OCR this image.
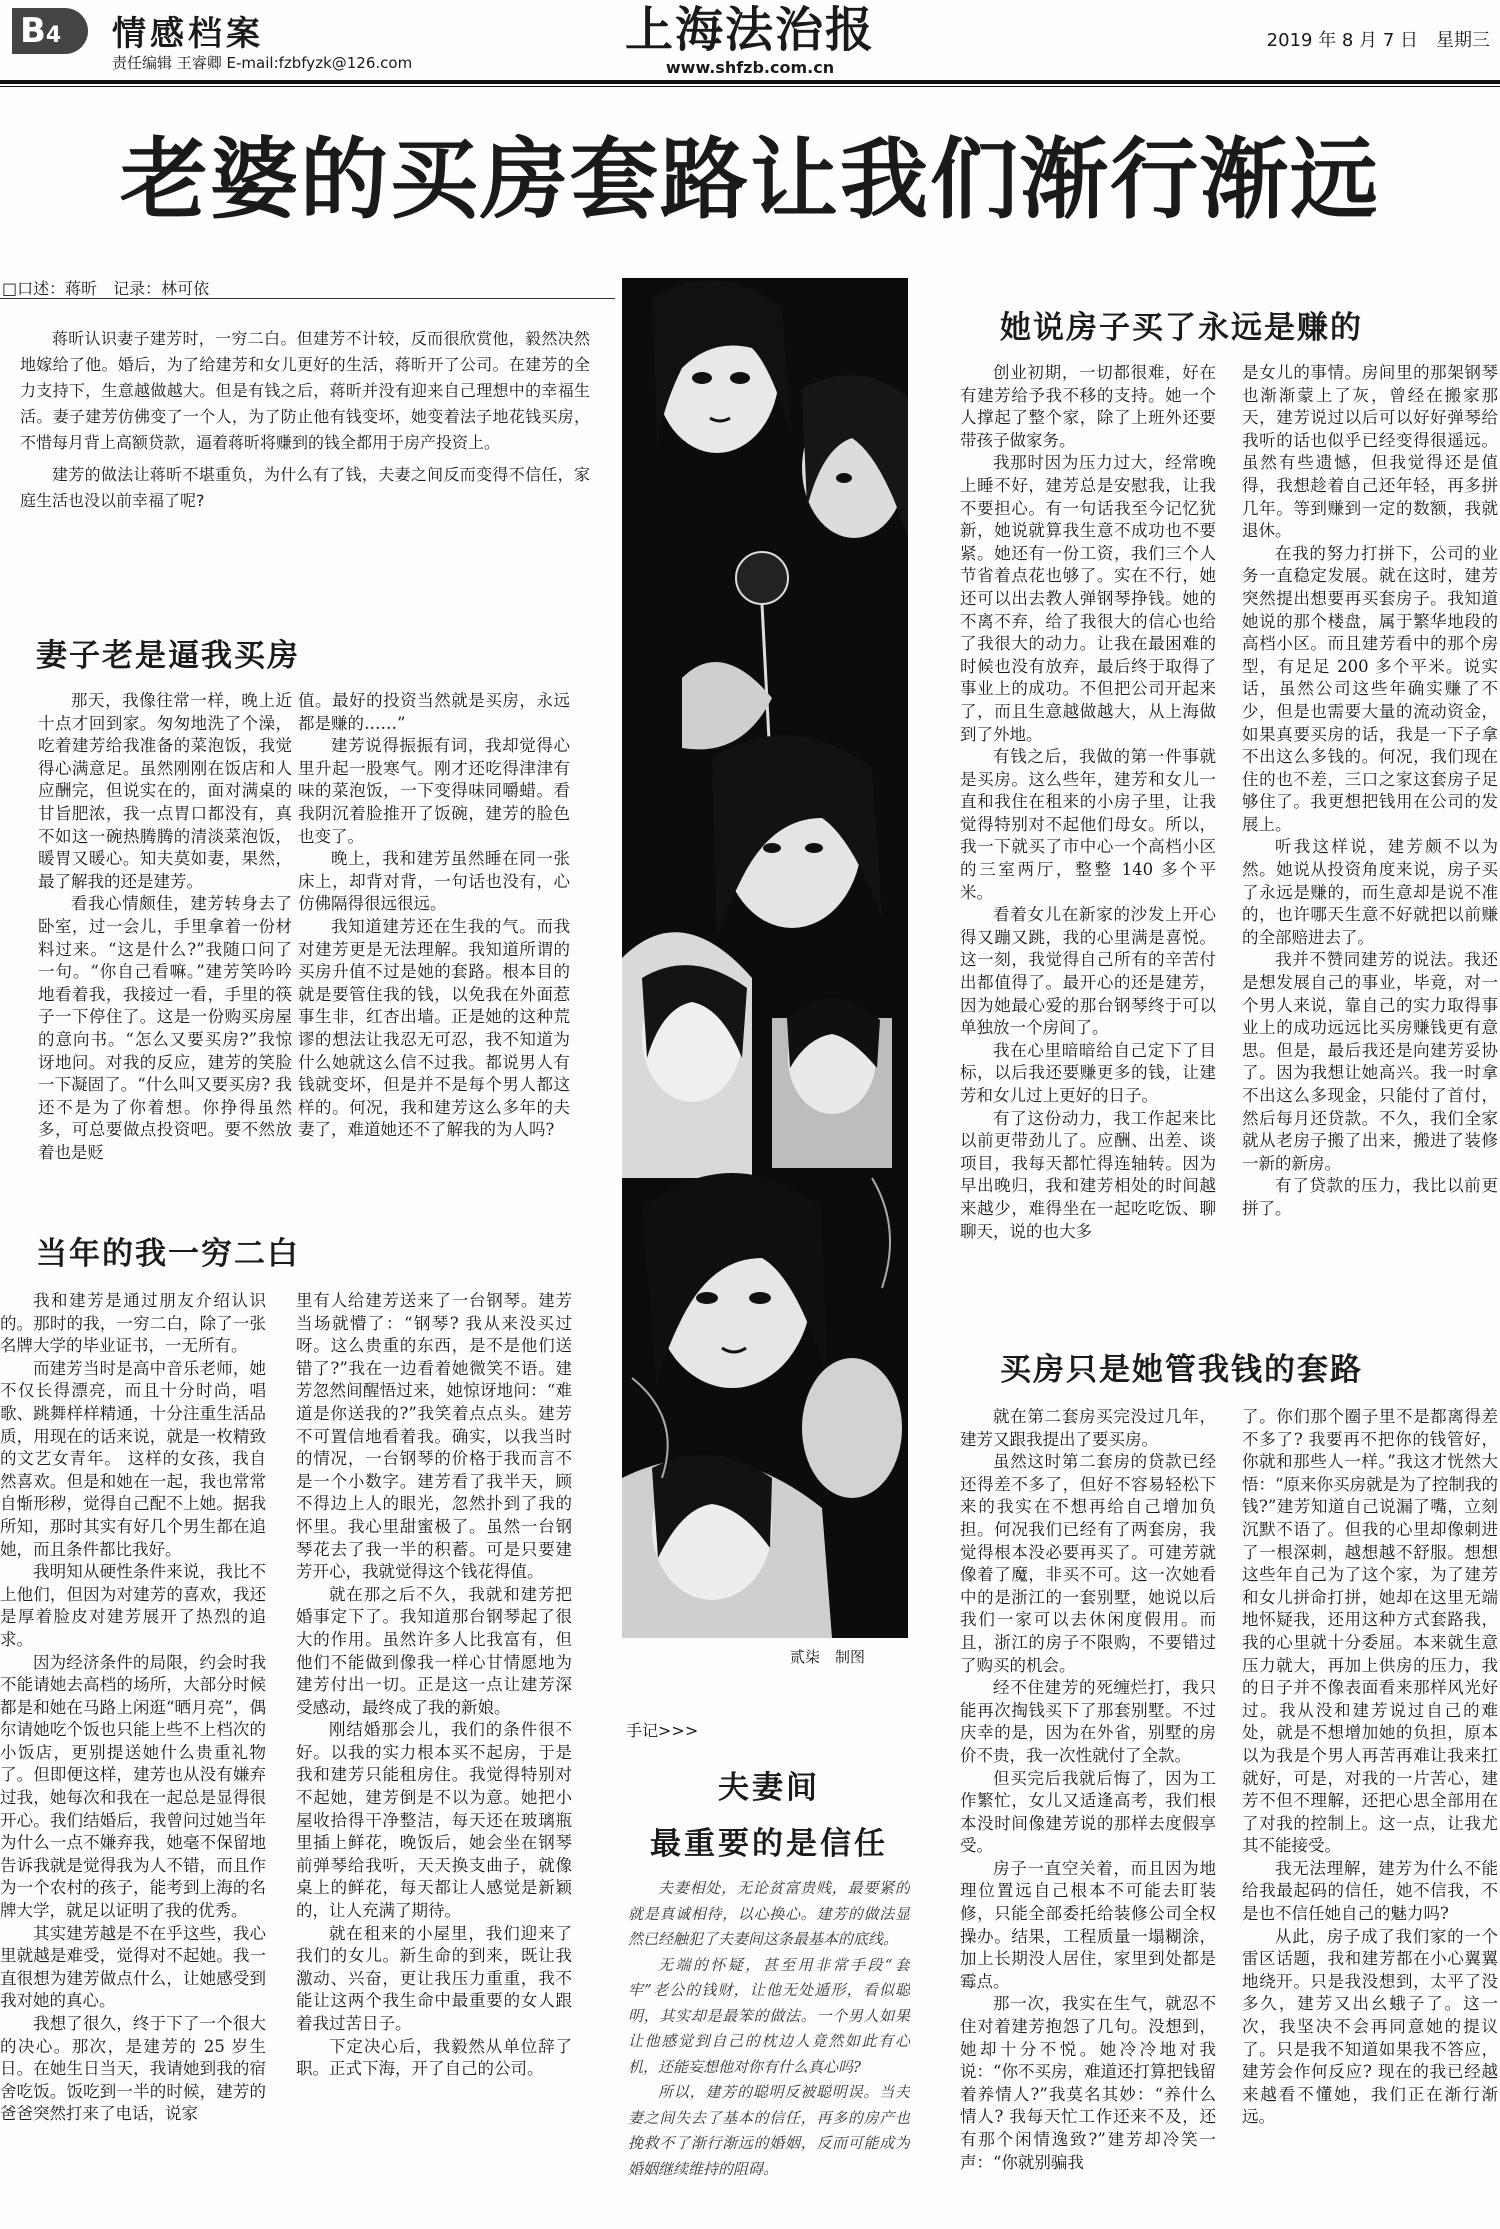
B4	情感档案
责任编辑 王睿卿 E-mail:fzbfyzk@126.com
上海法治报
www.shfzb.com.cn
2019 年 8 月 7 日　星期三
老婆的买房套路让我们渐行渐远
□口述：蒋昕　记录：林可依

蒋昕认识妻子建芳时，一穷二白。但建芳不计较，反而很欣赏他，毅然决然地嫁给了他。婚后，为了给建芳和女儿更好的生活，蒋昕开了公司。在建芳的全力支持下，生意越做越大。但是有钱之后，蒋昕并没有迎来自己理想中的幸福生活。妻子建芳仿佛变了一个人，为了防止他有钱变坏，她变着法子地花钱买房，不惜每月背上高额贷款，逼着蒋昕将赚到的钱全都用于房产投资上。

建芳的做法让蒋昕不堪重负，为什么有了钱，夫妻之间反而变得不信任，家庭生活也没以前幸福了呢?

妻子老是逼我买房

那天，我像往常一样，晚上近十点才回到家。匆匆地洗了个澡，吃着建芳给我准备的菜泡饭，我觉得心满意足。虽然刚刚在饭店和人应酬完，但说实在的，面对满桌的甘旨肥浓，我一点胃口都没有，真不如这一碗热腾腾的清淡菜泡饭，暖胃又暖心。知夫莫如妻，果然，最了解我的还是建芳。

看我心情颇佳，建芳转身去了卧室，过一会儿，手里拿着一份材料过来。“这是什么?”我随口问了一句。“你自己看嘛。”建芳笑吟吟地看着我，我接过一看，手里的筷子一下停住了。这是一份购买房屋的意向书。“怎么又要买房?”我惊讶地问。对我的反应，建芳的笑脸一下凝固了。“什么叫又要买房? 我还不是为了你着想。你挣得虽然多，可总要做点投资吧。要不然放着也是贬

值。最好的投资当然就是买房，永远都是赚的……”

建芳说得振振有词，我却觉得心里升起一股寒气。刚才还吃得津津有味的菜泡饭，一下变得味同嚼蜡。看我阴沉着脸推开了饭碗，建芳的脸色也变了。

晚上，我和建芳虽然睡在同一张床上，却背对背，一句话也没有，心仿佛隔得很远很远。

我知道建芳还在生我的气。而我对建芳更是无法理解。我知道所谓的买房升值不过是她的套路。根本目的就是要管住我的钱，以免我在外面惹事生非，红杏出墙。正是她的这种荒谬的想法让我忍无可忍，我不知道为什么她就这么信不过我。都说男人有钱就变坏，但是并不是每个男人都这样的。何况，我和建芳这么多年的夫妻了，难道她还不了解我的为人吗?

当年的我一穷二白

我和建芳是通过朋友介绍认识的。那时的我，一穷二白，除了一张名牌大学的毕业证书，一无所有。

而建芳当时是高中音乐老师，她不仅长得漂亮，而且十分时尚，唱歌、跳舞样样精通，十分注重生活品质，用现在的话来说，就是一枚精致的文艺女青年。 这样的女孩，我自然喜欢。但是和她在一起，我也常常自惭形秽，觉得自己配不上她。据我所知，那时其实有好几个男生都在追她，而且条件都比我好。

我明知从硬性条件来说，我比不上他们，但因为对建芳的喜欢，我还是厚着脸皮对建芳展开了热烈的追求。

因为经济条件的局限，约会时我不能请她去高档的场所，大部分时候都是和她在马路上闲逛“晒月亮”，偶尔请她吃个饭也只能上些不上档次的小饭店，更别提送她什么贵重礼物了。但即便这样，建芳也从没有嫌弃过我，她每次和我在一起总是显得很开心。我们结婚后，我曾问过她当年为什么一点不嫌弃我，她毫不保留地告诉我就是觉得我为人不错，而且作为一个农村的孩子，能考到上海的名牌大学，就足以证明了我的优秀。

其实建芳越是不在乎这些，我心里就越是难受，觉得对不起她。我一直很想为建芳做点什么，让她感受到我对她的真心。

我想了很久，终于下了一个很大的决心。那次，是建芳的 25 岁生日。在她生日当天，我请她到我的宿舍吃饭。饭吃到一半的时候，建芳的爸爸突然打来了电话，说家

里有人给建芳送来了一台钢琴。建芳当场就懵了：“钢琴? 我从来没买过呀。这么贵重的东西，是不是他们送错了?”我在一边看着她微笑不语。建芳忽然间醒悟过来，她惊讶地问：“难道是你送我的?”我笑着点点头。建芳不可置信地看着我。确实，以我当时的情况，一台钢琴的价格于我而言不是一个小数字。建芳看了我半天，顾不得边上人的眼光，忽然扑到了我的怀里。我心里甜蜜极了。虽然一台钢琴花去了我一半的积蓄。可是只要建芳开心，我就觉得这个钱花得值。

就在那之后不久，我就和建芳把婚事定下了。我知道那台钢琴起了很大的作用。虽然许多人比我富有，但他们不能做到像我一样心甘情愿地为建芳付出一切。正是这一点让建芳深受感动，最终成了我的新娘。

刚结婚那会儿，我们的条件很不好。以我的实力根本买不起房，于是我和建芳只能租房住。我觉得特别对不起她，建芳倒是不以为意。她把小屋收拾得干净整洁，每天还在玻璃瓶里插上鲜花，晚饭后，她会坐在钢琴前弹琴给我听，天天换支曲子，就像桌上的鲜花，每天都让人感觉是新颖的，让人充满了期待。

就在租来的小屋里，我们迎来了我们的女儿。新生命的到来，既让我激动、兴奋，更让我压力重重，我不能让这两个我生命中最重要的女人跟着我过苦日子。

下定决心后，我毅然从单位辞了职。正式下海，开了自己的公司。

贰柒　制图
手记>>>
夫妻间
最重要的是信任

夫妻相处，无论贫富贵贱，最要紧的就是真诚相待，以心换心。建芳的做法显然已经触犯了夫妻间这条最基本的底线。

无端的怀疑，甚至用非常手段“套牢”老公的钱财，让他无处遁形，看似聪明，其实却是最笨的做法。一个男人如果让他感觉到自己的枕边人竟然如此有心机，还能妄想他对你有什么真心吗?

所以，建芳的聪明反被聪明误。当夫妻之间失去了基本的信任，再多的房产也挽救不了渐行渐远的婚姻，反而可能成为婚姻继续维持的阻碍。

她说房子买了永远是赚的

创业初期，一切都很难，好在有建芳给予我不移的支持。她一个人撑起了整个家，除了上班外还要带孩子做家务。

我那时因为压力过大，经常晚上睡不好，建芳总是安慰我，让我不要担心。有一句话我至今记忆犹新，她说就算我生意不成功也不要紧。她还有一份工资，我们三个人节省着点花也够了。实在不行，她还可以出去教人弹钢琴挣钱。她的不离不弃，给了我很大的信心也给了我很大的动力。让我在最困难的时候也没有放弃，最后终于取得了事业上的成功。不但把公司开起来了，而且生意越做越大，从上海做到了外地。

有钱之后，我做的第一件事就是买房。这么些年，建芳和女儿一直和我住在租来的小房子里，让我觉得特别对不起他们母女。所以，我一下就买了市中心一个高档小区的三室两厅，整整 140 多个平米。

看着女儿在新家的沙发上开心得又蹦又跳，我的心里满是喜悦。这一刻，我觉得自己所有的辛苦付出都值得了。最开心的还是建芳，因为她最心爱的那台钢琴终于可以单独放一个房间了。

我在心里暗暗给自己定下了目标，以后我还要赚更多的钱，让建芳和女儿过上更好的日子。

有了这份动力，我工作起来比以前更带劲儿了。应酬、出差、谈项目，我每天都忙得连轴转。因为早出晚归，我和建芳相处的时间越来越少，难得坐在一起吃吃饭、聊聊天，说的也大多

是女儿的事情。房间里的那架钢琴也渐渐蒙上了灰，曾经在搬家那天，建芳说过以后可以好好弹琴给我听的话也似乎已经变得很遥远。虽然有些遗憾，但我觉得还是值得，我想趁着自己还年轻，再多拼几年。等到赚到一定的数额，我就退休。

在我的努力打拼下，公司的业务一直稳定发展。就在这时，建芳突然提出想要再买套房子。我知道她说的那个楼盘，属于繁华地段的高档小区。而且建芳看中的那个房型，有足足 200 多个平米。说实话，虽然公司这些年确实赚了不少，但是也需要大量的流动资金，如果真要买房的话，我是一下子拿不出这么多钱的。何况，我们现在住的也不差，三口之家这套房子足够住了。我更想把钱用在公司的发展上。

听我这样说，建芳颇不以为然。她说从投资角度来说，房子买了永远是赚的，而生意却是说不准的，也许哪天生意不好就把以前赚的全部赔进去了。

我并不赞同建芳的说法。我还是想发展自己的事业，毕竟，对一个男人来说，靠自己的实力取得事业上的成功远远比买房赚钱更有意思。但是，最后我还是向建芳妥协了。因为我想让她高兴。我一时拿不出这么多现金，只能付了首付，然后每月还贷款。不久，我们全家就从老房子搬了出来，搬进了装修一新的新房。

有了贷款的压力，我比以前更拼了。

买房只是她管我钱的套路

就在第二套房买完没过几年，建芳又跟我提出了要买房。

虽然这时第二套房的贷款已经还得差不多了，但好不容易轻松下来的我实在不想再给自己增加负担。何况我们已经有了两套房，我觉得根本没必要再买了。可建芳就像着了魔，非买不可。这一次她看中的是浙江的一套别墅，她说以后我们一家可以去休闲度假用。而且，浙江的房子不限购，不要错过了购买的机会。

经不住建芳的死缠烂打，我只能再次掏钱买下了那套别墅。不过庆幸的是，因为在外省，别墅的房价不贵，我一次性就付了全款。

但买完后我就后悔了，因为工作繁忙，女儿又适逢高考，我们根本没时间像建芳说的那样去度假享受。

房子一直空关着，而且因为地理位置远自己根本不可能去盯装修，只能全部委托给装修公司全权操办。结果，工程质量一塌糊涂，加上长期没人居住，家里到处都是霉点。

那一次，我实在生气，就忍不住对着建芳抱怨了几句。没想到，她却十分不悦。她冷冷地对我说：“你不买房，难道还打算把钱留着养情人?”我莫名其妙：“养什么情人? 我每天忙工作还来不及，还有那个闲情逸致?”建芳却冷笑一声：“你就别骗我

了。你们那个圈子里不是都离得差不多了? 我要再不把你的钱管好，你就和那些人一样。”我这才恍然大悟：“原来你买房就是为了控制我的钱?”建芳知道自己说漏了嘴，立刻沉默不语了。但我的心里却像刺进了一根深刺，越想越不舒服。想想这些年自己为了这个家，为了建芳和女儿拼命打拼，她却在这里无端地怀疑我，还用这种方式套路我，我的心里就十分委屈。本来就生意压力就大，再加上供房的压力，我的日子并不像表面看来那样风光好过。我从没和建芳说过自己的难处，就是不想增加她的负担，原本以为我是个男人再苦再难让我来扛就好，可是，对我的一片苦心，建芳不但不理解，还把心思全部用在了对我的控制上。这一点，让我尤其不能接受。

我无法理解，建芳为什么不能给我最起码的信任，她不信我，不是也不信任她自己的魅力吗?

从此，房子成了我们家的一个雷区话题，我和建芳都在小心翼翼地绕开。只是我没想到，太平了没多久，建芳又出幺蛾子了。这一次，我坚决不会再同意她的提议了。只是我不知道如果我不答应，建芳会作何反应? 现在的我已经越来越看不懂她，我们正在渐行渐远。
